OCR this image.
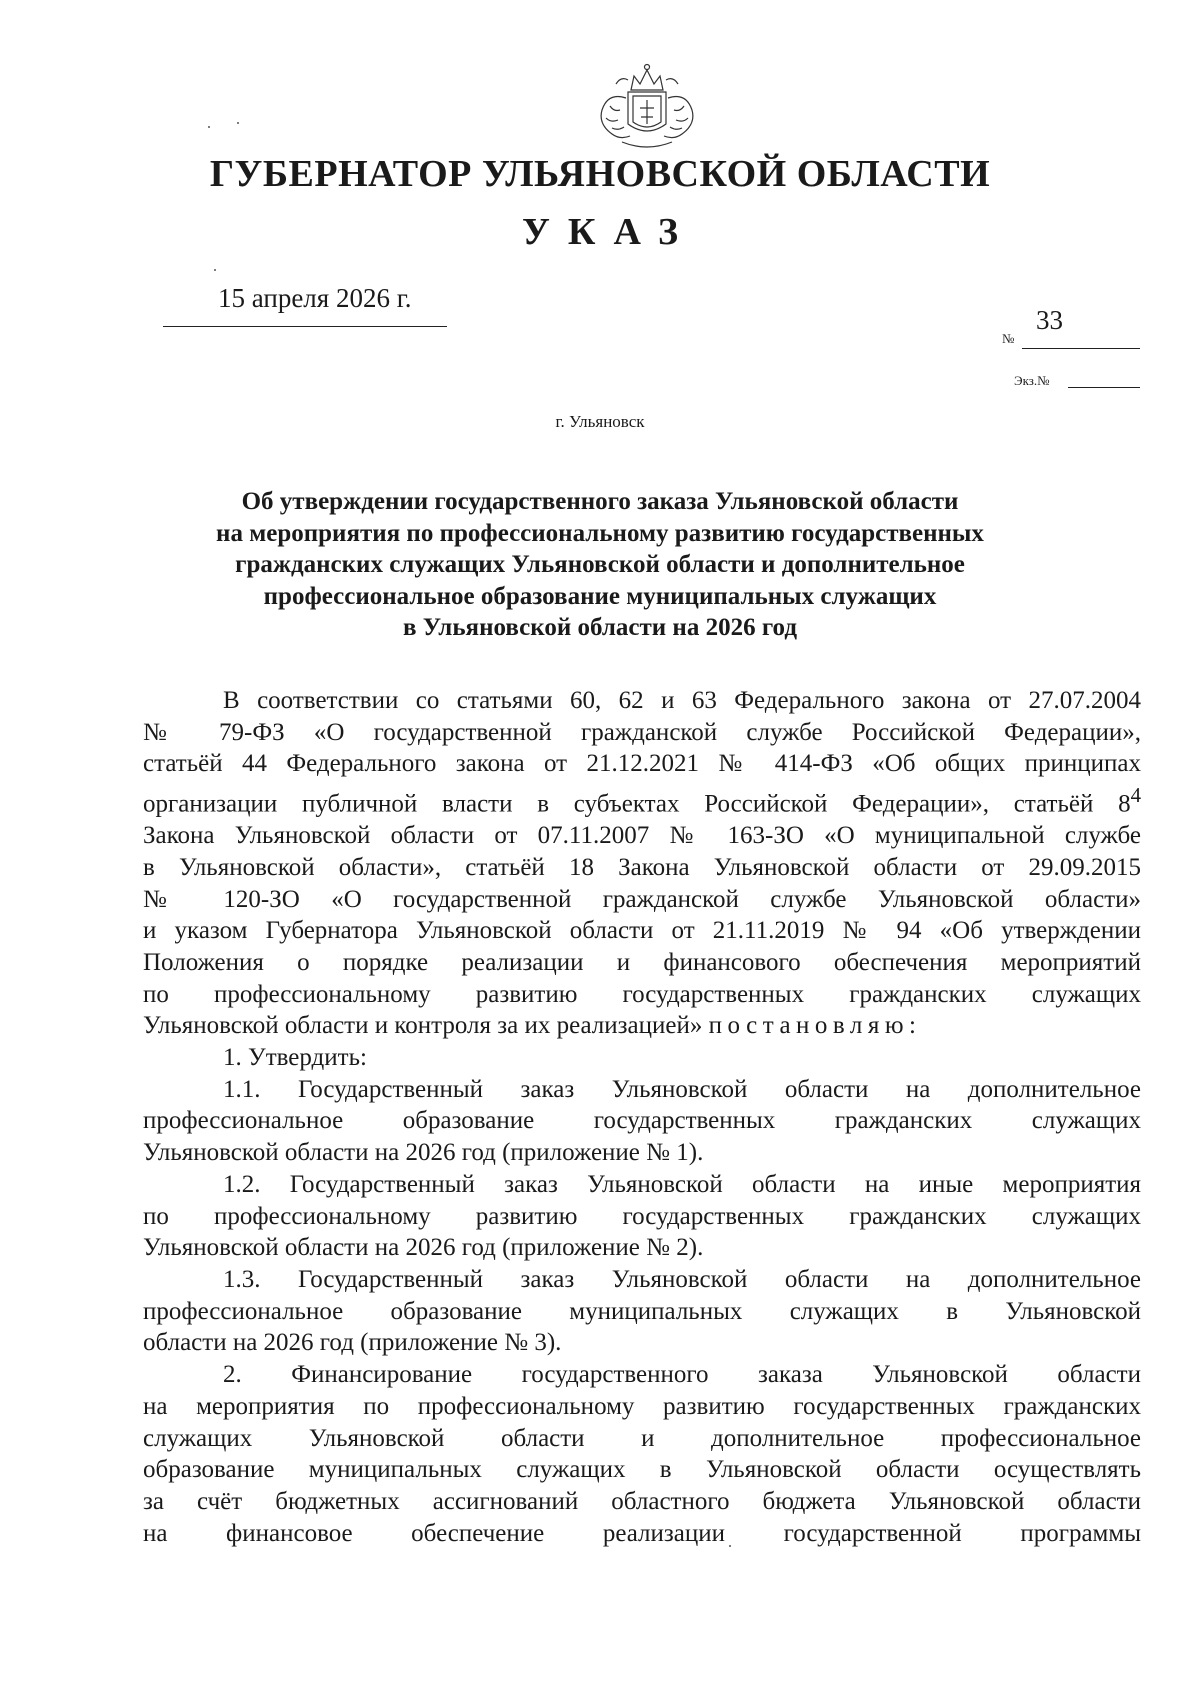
ГУБЕРНАТОР УЛЬЯНОВСКОЙ ОБЛАСТИ
УКАЗ
15 апреля 2026 г.
33
№
Экз.№
г. Ульяновск
Об утверждении государственного заказа Ульяновской области
на мероприятия по профессиональному развитию государственных
гражданских служащих Ульяновской области и дополнительное
профессиональное образование муниципальных служащих
в Ульяновской области на 2026 год
В соответствии со статьями 60, 62 и 63 Федерального закона от 27.07.2004
№ 79-ФЗ «О государственной гражданской службе Российской Федерации»,
статьёй 44 Федерального закона от 21.12.2021 № 414-ФЗ «Об общих принципах
организации публичной власти в субъектах Российской Федерации», статьёй $8^4$
Закона Ульяновской области от 07.11.2007 № 163-ЗО «О муниципальной службе
в Ульяновской области», статьёй 18 Закона Ульяновской области от 29.09.2015
№ 120-ЗО «О государственной гражданской службе Ульяновской области»
и указом Губернатора Ульяновской области от 21.11.2019 № 94 «Об утверждении
Положения о порядке реализации и финансового обеспечения мероприятий
по профессиональному развитию государственных гражданских служащих
Ульяновской области и контроля за их реализацией» постановляю:
1. Утвердить:
1.1. Государственный заказ Ульяновской области на дополнительное
профессиональное образование государственных гражданских служащих
Ульяновской области на 2026 год (приложение № 1).
1.2. Государственный заказ Ульяновской области на иные мероприятия
по профессиональному развитию государственных гражданских служащих
Ульяновской области на 2026 год (приложение № 2).
1.3. Государственный заказ Ульяновской области на дополнительное
профессиональное образование муниципальных служащих в Ульяновской
области на 2026 год (приложение № 3).
2. Финансирование государственного заказа Ульяновской области
на мероприятия по профессиональному развитию государственных гражданских
служащих Ульяновской области и дополнительное профессиональное
образование муниципальных служащих в Ульяновской области осуществлять
за счёт бюджетных ассигнований областного бюджета Ульяновской области
на финансовое обеспечение реализации государственной программы
